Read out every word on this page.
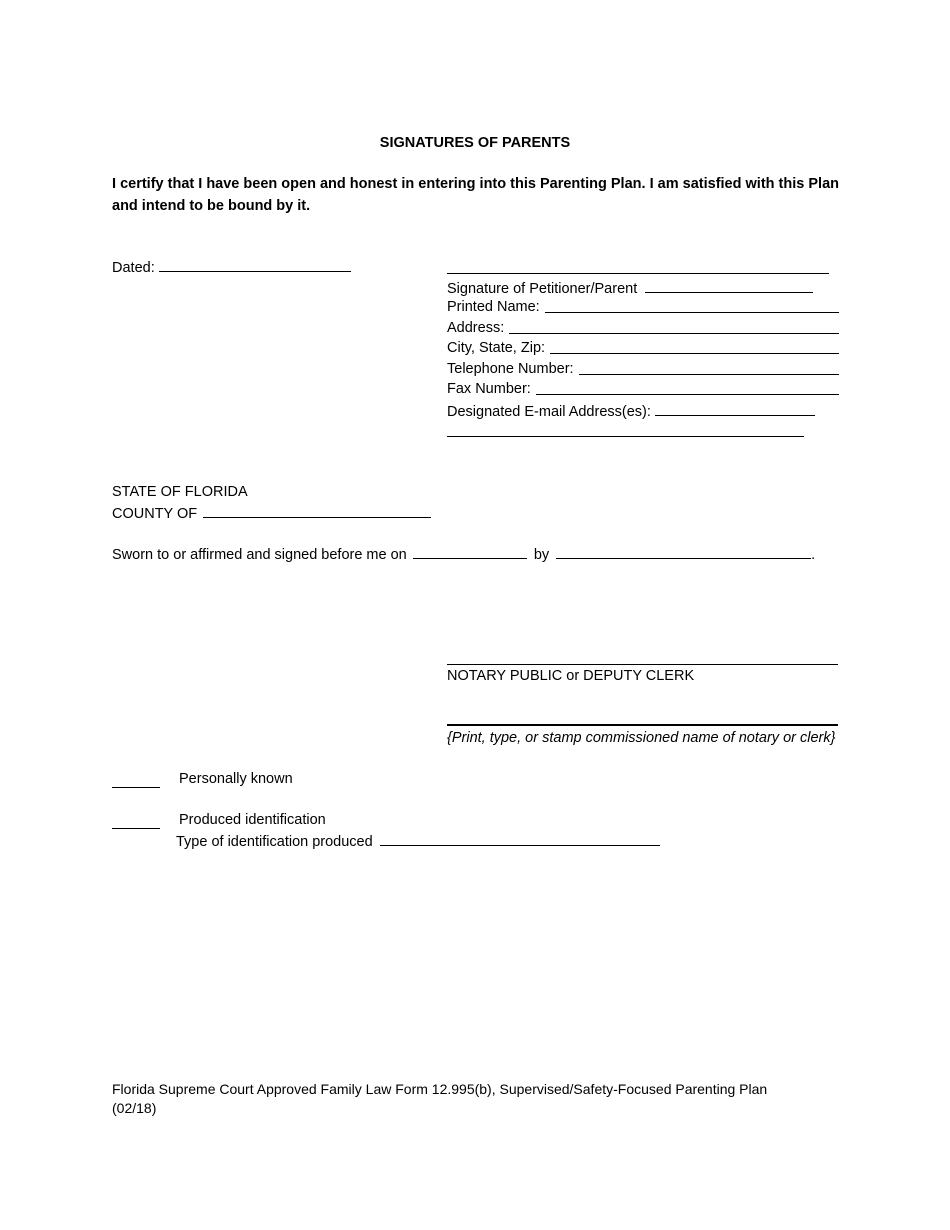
SIGNATURES OF PARENTS
I certify that I have been open and honest in entering into this Parenting Plan. I am satisfied with this Plan and intend to be bound by it.
Dated:
Signature of Petitioner/Parent
Printed Name:
Address:
City, State, Zip:
Telephone Number:
Fax Number:
Designated E-mail Address(es):
STATE OF FLORIDA
COUNTY OF
Sworn to or affirmed and signed before me on	by	.
NOTARY PUBLIC or DEPUTY CLERK
{Print, type, or stamp commissioned name of notary or clerk}
Personally known
Produced identification
Type of identification produced
Florida Supreme Court Approved Family Law Form 12.995(b), Supervised/Safety-Focused Parenting Plan
(02/18)
